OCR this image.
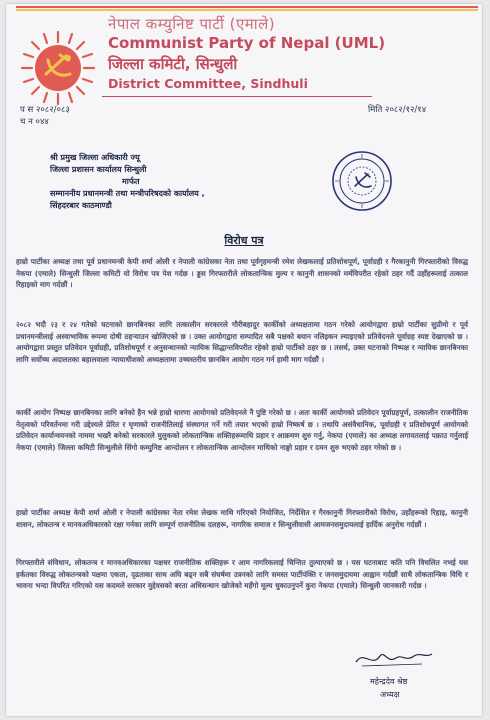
नेपाल कम्युनिष्ट पार्टी (एमाले)
Communist Party of Nepal (UML)
जिल्ला कमिटी, सिन्धुली
District Committee, Sindhuli
प स २०८२/०८३
च न ०४४
मिति २०८२/१२/१४
श्री प्रमुख जिल्ला अधिकारी ज्यू
जिल्ला प्रशासन कार्यालय सिन्धुली
मार्फत
सम्माननीय प्रधानमन्त्री तथा मन्त्रीपरिषदको कार्यालय ,
सिंहदरबार काठमाण्डौ
विरोध पत्र
हाम्रो पार्टीका अध्यक्ष तथा पूर्व प्रधानमन्त्री केपी शर्मा ओली र नेपाली कांग्रेसका नेता तथा पूर्वगृहमन्त्री रमेश लेखकलाई प्रतिशोधपूर्ण, पूर्वाग्रही र गैरकानुनी गिरफ्तारीको विरुद्ध नेकपा (एमाले) सिन्धुली जिल्ला कमिटी यो विरोध पत्र पेश गर्दछ । ड्डस गिरफ्तारीले लोकतान्त्रिक मुल्य र कानुनी शासनको मर्मविपरीत रहेको ठहर गर्दै उहाँहरूलाई तत्काल रिहाइको माग गर्दछौं ।
२०८२ भदौ २३ र २४ गतेको घटनाको छानबिनका लागि तत्कालीन सरकारले गौरीबहादुर कार्कीको अध्यक्षतामा गठन गरेको आयोगद्वारा हाम्रो पार्टीका सुप्रीमो र पूर्व प्रधानमन्त्रीलाई अस्वाभाविक रूपमा दोषी ठहर्‍याउन खोजिएको छ । उक्त आयोगद्वारा सम्पादित सबै पक्षको बयान नलिइकन ल्याइएको प्रतिवेदनले पूर्वाग्रह स्पष्ट देखाएको छ । आयोगद्वारा प्रस्तुत प्रतिवेदन पूर्वाग्रही, प्रतिशोधपूर्ण र अनुसन्धानको न्यायिक सिद्धान्तविपरीत रहेको हाम्रो पार्टीको ठहर छ । तसर्थ, उक्त घटनाको निष्पक्ष र न्यायिक छानबिनका लागि सर्वोच्च अदालतका बहालवाला न्यायाधीशको अध्यक्षतामा उच्चस्तरीय छानबिन आयोग गठन गर्न हामी माग गर्दछौं ।
कार्की आयोग निष्पक्ष छानबिनका लागि बनेको हैन भन्ने हाम्रो धारणा आयोगको प्रतिवेदनले नै पुष्टि गरेको छ । अतः कार्की आयोगको प्रतिवेदन पूर्वाग्रहपूर्ण, तत्कालीन राजनीतिक नेतृत्वको परिवर्तनमा गरी उद्देश्यले प्रेरित र घृणाको राजनीतिलाई संस्थागत गर्ने गरी तयार भएको हाम्रो निष्कर्ष छ । तथापि असंवैधानिक, पूर्वाग्रही र प्रतिशोधपूर्ण आयोगको प्रतिवेदन कार्यान्वयनको नाममा भखरै बनेको सरकारले मुलुकको लोकतान्त्रिक शक्तिहरूमाथि प्रहार र आक्रमण शुरु गर्नु, नेकपा (एमाले) का अध्यक्ष लगायतलाई पक्राउ गर्नुलाई नेकपा (एमाले) जिल्ला कमिटी सिन्धुलीले सिंगो कम्युनिष्ट आन्दोलन र लोकतान्त्रिक आन्दोलन माथिको नाङ्गो प्रहार र दमन शुरु भएको ठहर गरेको छ ।
हाम्रो पार्टीका अध्यक्ष केपी शर्मा ओली र नेपाली कांग्रेसका नेता रमेश लेखक माथि गरिएको नियोजित, निर्देशित र गैरकानुनी गिरफ्तारीको विरोध, उहाँहरूको रिहाइ, कानुनी शासन, लोकतन्त्र र मानवअधिकारको रक्षा गर्नका लागि सम्पूर्ण राजनीतिक दलहरू, नागरिक समाज र सिन्धुलीवासी आमजनसमुदायलाई हार्दिक अनुरोध गर्दछौं ।
गिरफ्तारीले संविधान, लोकतन्त्र र मानवअधिकारका पक्षधर राजनीतिक शक्तिहरू र आम नागरिकलाई चिन्तित तुल्याएको छ । यस घटनाबाट कति पनि विचलित नभई यस हर्कतका विरुद्ध लोकतन्त्रको पक्षमा एकता, दृढताका साथ अघि बढ्न सबै संघर्षमा उत्रनको लागि समस्त पार्टीपंक्ति र जनसमुदायमा आह्वान गर्दछौं साथै लोकतान्त्रिक विधि र भावना भन्दा विपरित गरिएको यस कदमले सरकार मुद्देवसको बरता अधिसन्धान खोजेको महँगो मूल्य चुकाउनुपर्ने कुरा नेकपा (एमाले) सिन्धुली जानकारी गर्दछ ।
महेन्द्रदेव श्रेष्ठ
अध्यक्ष
